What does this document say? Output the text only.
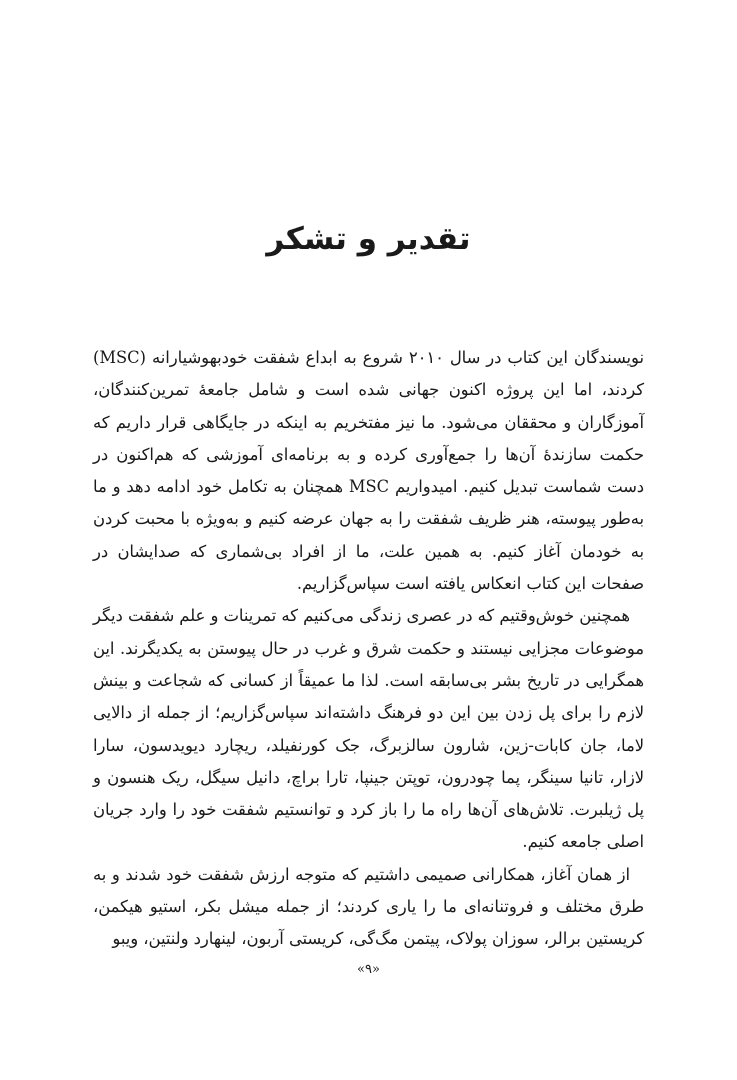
تقدیر و تشکر

نویسندگان این کتاب در سال ۲۰۱۰ شروع به ابداع شفقت خودبهوشیارانه (MSC) کردند، اما این پروژه اکنون جهانی شده است و شامل جامعهٔ تمرین‌کنندگان، آموزگاران و محققان می‌شود. ما نیز مفتخریم به اینکه در جایگاهی قرار داریم که حکمت سازندهٔ آن‌ها را جمع‌آوری کرده و به برنامه‌ای آموزشی که هم‌اکنون در دست شماست تبدیل کنیم. امیدواریم MSC همچنان به تکامل خود ادامه دهد و ما به‌طور پیوسته، هنر ظریف شفقت را به جهان عرضه کنیم و به‌ویژه با محبت کردن به خودمان آغاز کنیم. به همین علت، ما از افراد بی‌شماری که صدایشان در صفحات این کتاب انعکاس یافته است سپاس‌گزاریم.

همچنین خوش‌وقتیم که در عصری زندگی می‌کنیم که تمرینات و علم شفقت دیگر موضوعات مجزایی نیستند و حکمت شرق و غرب در حال پیوستن به یکدیگرند. این همگرایی در تاریخ بشر بی‌سابقه است. لذا ما عمیقاً از کسانی که شجاعت و بینش لازم را برای پل زدن بین این دو فرهنگ داشته‌اند سپاس‌گزاریم؛ از جمله از دالایی لاما، جان کابات-زین، شارون سالزبرگ، جک کورنفیلد، ریچارد دیویدسون، سارا لازار، تانیا سینگر، پما چودرون، توپتن جینپا، تارا براچ، دانیل سیگل، ریک هنسون و پل ژیلبرت. تلاش‌های آن‌ها راه ما را باز کرد و توانستیم شفقت خود را وارد جریان اصلی جامعه کنیم.

از همان آغاز، همکارانی صمیمی داشتیم که متوجه ارزش شفقت خود شدند و به طرق مختلف و فروتنانه‌ای ما را یاری کردند؛ از جمله میشل بکر، استیو هیکمن، کریستین برالر، سوزان پولاک، پیتمن مگ‌گی، کریستی آربون، لینهارد ولنتین، ویبو

«۹»
